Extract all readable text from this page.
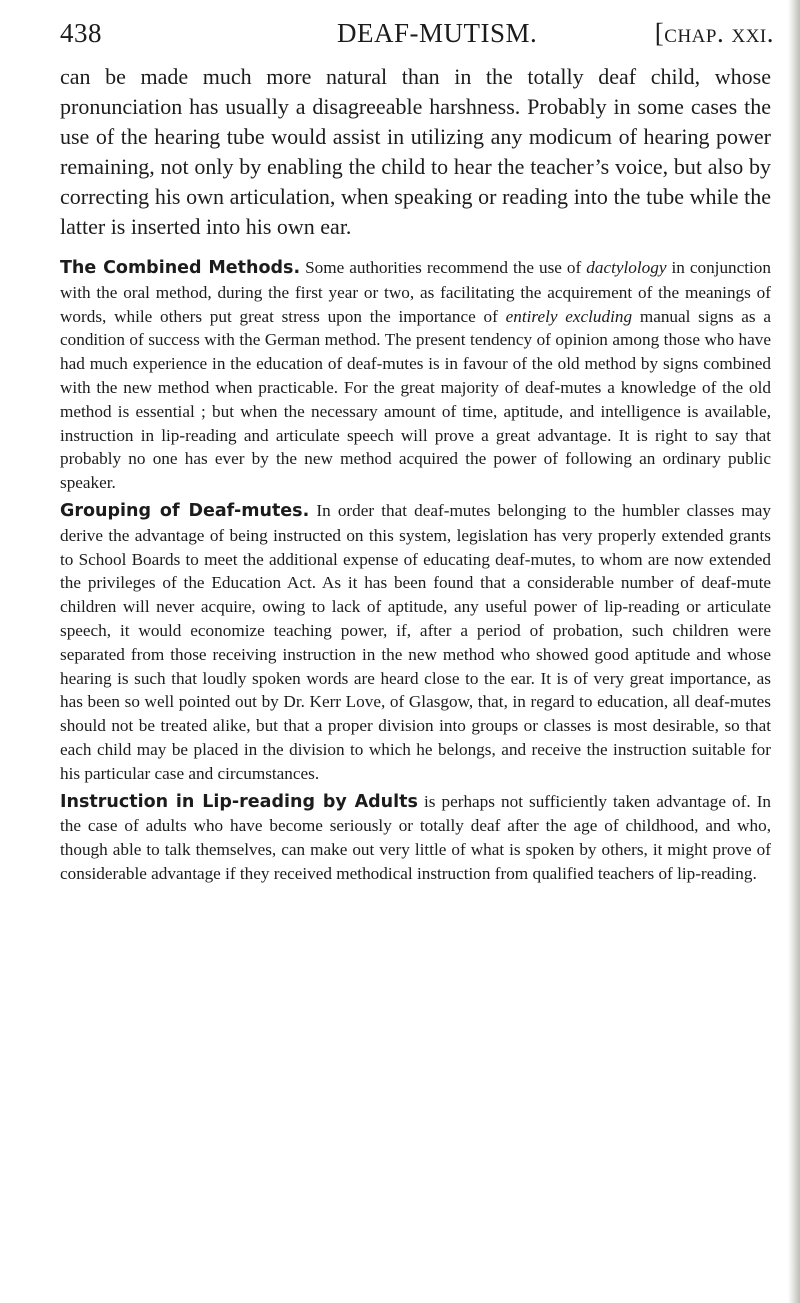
438	DEAF-MUTISM.	[chap. xxi.

can be made much more natural than in the totally deaf child, whose pronunciation has usually a disagreeable harshness. Probably in some cases the use of the hearing tube would assist in utilizing any modicum of hearing power remaining, not only by enabling the child to hear the teacher’s voice, but also by correcting his own articulation, when speaking or reading into the tube while the latter is inserted into his own ear.

The Combined Methods. Some authorities recommend the use of dactylology in conjunction with the oral method, during the first year or two, as facilitating the acquirement of the meanings of words, while others put great stress upon the importance of entirely excluding manual signs as a condition of success with the German method. The present tendency of opinion among those who have had much experience in the education of deaf-mutes is in favour of the old method by signs combined with the new method when practicable. For the great majority of deaf-mutes a knowledge of the old method is essential ; but when the necessary amount of time, aptitude, and intelligence is available, instruction in lip-reading and articulate speech will prove a great advantage. It is right to say that probably no one has ever by the new method acquired the power of following an ordinary public speaker.

Grouping of Deaf-mutes. In order that deaf-mutes belonging to the humbler classes may derive the advantage of being instructed on this system, legislation has very properly extended grants to School Boards to meet the additional expense of educating deaf-mutes, to whom are now extended the privileges of the Education Act. As it has been found that a considerable number of deaf-mute children will never acquire, owing to lack of aptitude, any useful power of lip-reading or articulate speech, it would economize teaching power, if, after a period of probation, such children were separated from those receiving instruction in the new method who showed good aptitude and whose hearing is such that loudly spoken words are heard close to the ear. It is of very great importance, as has been so well pointed out by Dr. Kerr Love, of Glasgow, that, in regard to education, all deaf-mutes should not be treated alike, but that a proper division into groups or classes is most desirable, so that each child may be placed in the division to which he belongs, and receive the instruction suitable for his particular case and circumstances.

Instruction in Lip-reading by Adults is perhaps not sufficiently taken advantage of. In the case of adults who have become seriously or totally deaf after the age of childhood, and who, though able to talk themselves, can make out very little of what is spoken by others, it might prove of considerable advantage if they received methodical instruction from qualified teachers of lip-reading.
